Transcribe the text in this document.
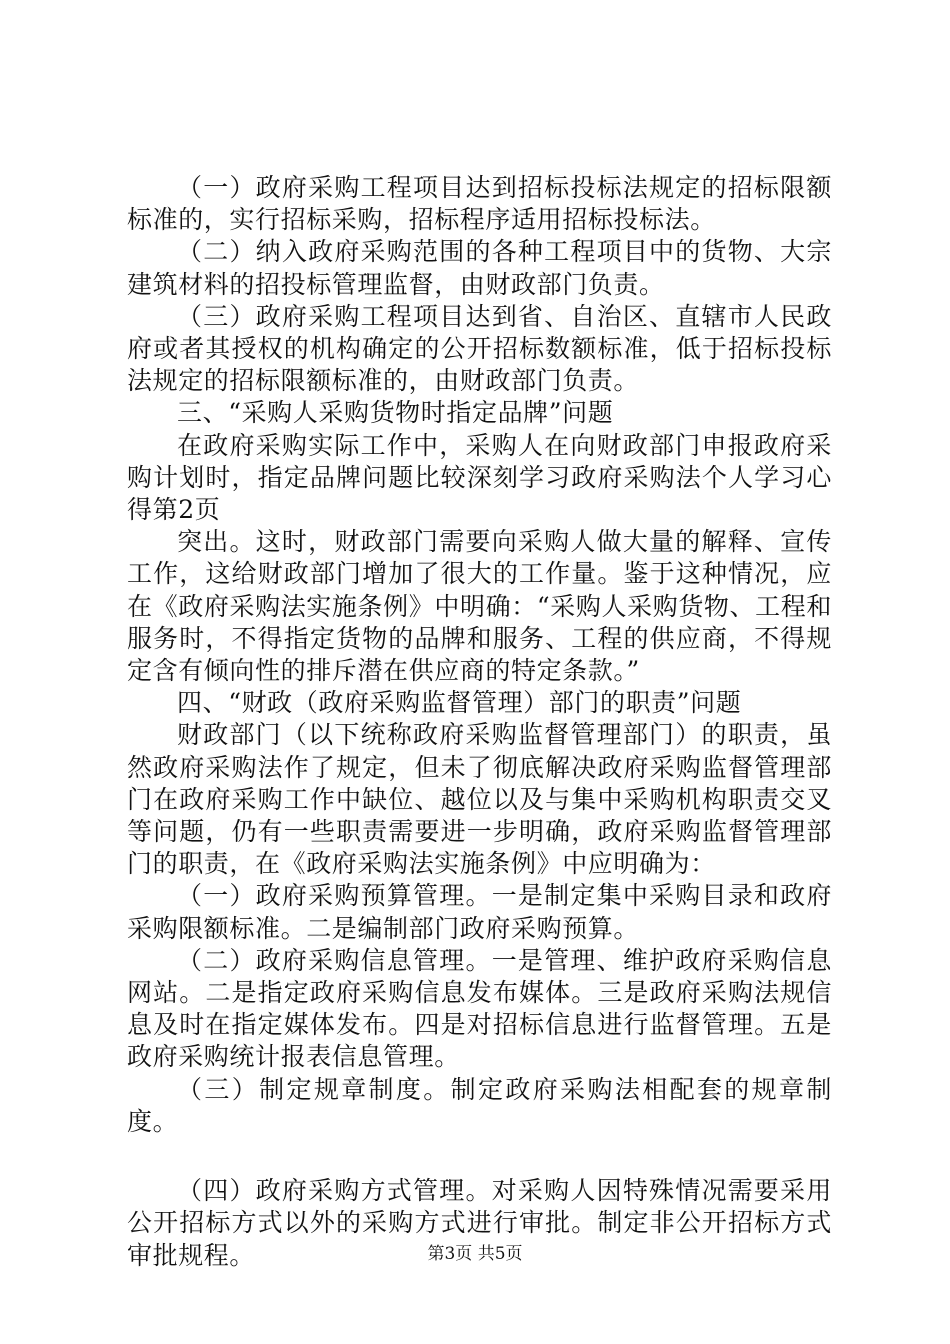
（一）政府采购工程项目达到招标投标法规定的招标限额标准的，实行招标采购，招标程序适用招标投标法。

（二）纳入政府采购范围的各种工程项目中的货物、大宗建筑材料的招投标管理监督，由财政部门负责。

（三）政府采购工程项目达到省、自治区、直辖市人民政府或者其授权的机构确定的公开招标数额标准，低于招标投标法规定的招标限额标准的，由财政部门负责。

三、“采购人采购货物时指定品牌”问题

在政府采购实际工作中，采购人在向财政部门申报政府采购计划时，指定品牌问题比较深刻学习政府采购法个人学习心得第2页

突出。这时，财政部门需要向采购人做大量的解释、宣传工作，这给财政部门增加了很大的工作量。鉴于这种情况，应在《政府采购法实施条例》中明确：“采购人采购货物、工程和服务时，不得指定货物的品牌和服务、工程的供应商，不得规定含有倾向性的排斥潜在供应商的特定条款。”

四、“财政（政府采购监督管理）部门的职责”问题

财政部门（以下统称政府采购监督管理部门）的职责，虽然政府采购法作了规定，但未了彻底解决政府采购监督管理部门在政府采购工作中缺位、越位以及与集中采购机构职责交叉等问题，仍有一些职责需要进一步明确，政府采购监督管理部门的职责，在《政府采购法实施条例》中应明确为：

（一）政府采购预算管理。一是制定集中采购目录和政府采购限额标准。二是编制部门政府采购预算。

（二）政府采购信息管理。一是管理、维护政府采购信息网站。二是指定政府采购信息发布媒体。三是政府采购法规信息及时在指定媒体发布。四是对招标信息进行监督管理。五是政府采购统计报表信息管理。

（三）制定规章制度。制定政府采购法相配套的规章制度。

（四）政府采购方式管理。对采购人因特殊情况需要采用公开招标方式以外的采购方式进行审批。制定非公开招标方式审批规程。	第3页 共5页
